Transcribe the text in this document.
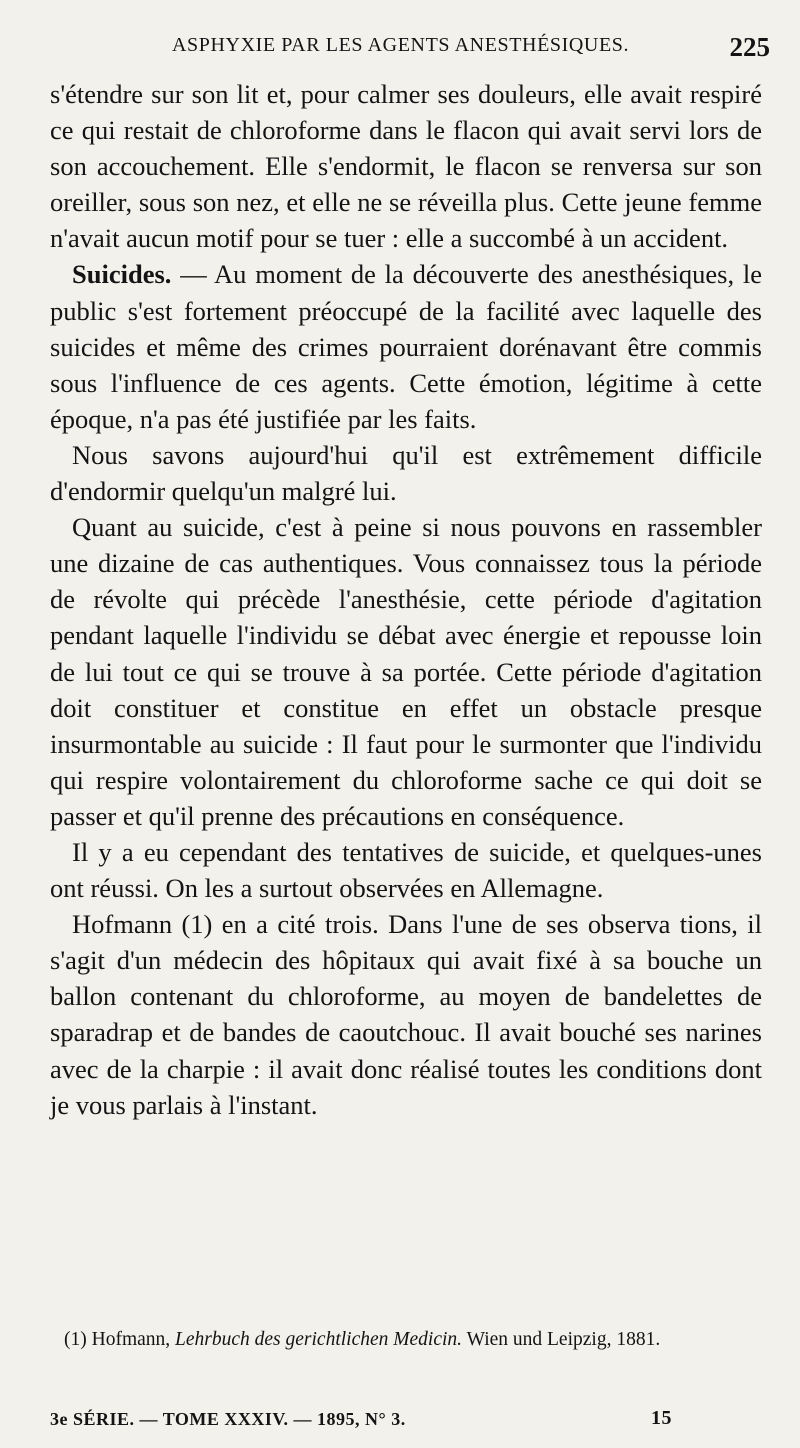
ASPHYXIE PAR LES AGENTS ANESTHÉSIQUES.	225

s'étendre sur son lit et, pour calmer ses douleurs, elle avait respiré ce qui restait de chloroforme dans le flacon qui avait servi lors de son accouchement. Elle s'endormit, le flacon se renversa sur son oreiller, sous son nez, et elle ne se réveilla plus. Cette jeune femme n'avait aucun motif pour se tuer : elle a succombé à un accident.

Suicides. — Au moment de la découverte des anesthésiques, le public s'est fortement préoccupé de la facilité avec laquelle des suicides et même des crimes pourraient dorénavant être commis sous l'influence de ces agents. Cette émotion, légitime à cette époque, n'a pas été justifiée par les faits.

Nous savons aujourd'hui qu'il est extrêmement difficile d'endormir quelqu'un malgré lui.

Quant au suicide, c'est à peine si nous pouvons en rassembler une dizaine de cas authentiques. Vous connaissez tous la période de révolte qui précède l'anesthésie, cette période d'agitation pendant laquelle l'individu se débat avec énergie et repousse loin de lui tout ce qui se trouve à sa portée. Cette période d'agitation doit constituer et constitue en effet un obstacle presque insurmontable au suicide : Il faut pour le surmonter que l'individu qui respire volontairement du chloroforme sache ce qui doit se passer et qu'il prenne des précautions en conséquence.

Il y a eu cependant des tentatives de suicide, et quelques-unes ont réussi. On les a surtout observées en Allemagne.

Hofmann (1) en a cité trois. Dans l'une de ses observa tions, il s'agit d'un médecin des hôpitaux qui avait fixé à sa bouche un ballon contenant du chloroforme, au moyen de bandelettes de sparadrap et de bandes de caoutchouc. Il avait bouché ses narines avec de la charpie : il avait donc réalisé toutes les conditions dont je vous parlais à l'instant.

(1) Hofmann, Lehrbuch des gerichtlichen Medicin. Wien und Leipzig, 1881.
3e SÉRIE. — TOME XXXIV. — 1895, N° 3.	15
